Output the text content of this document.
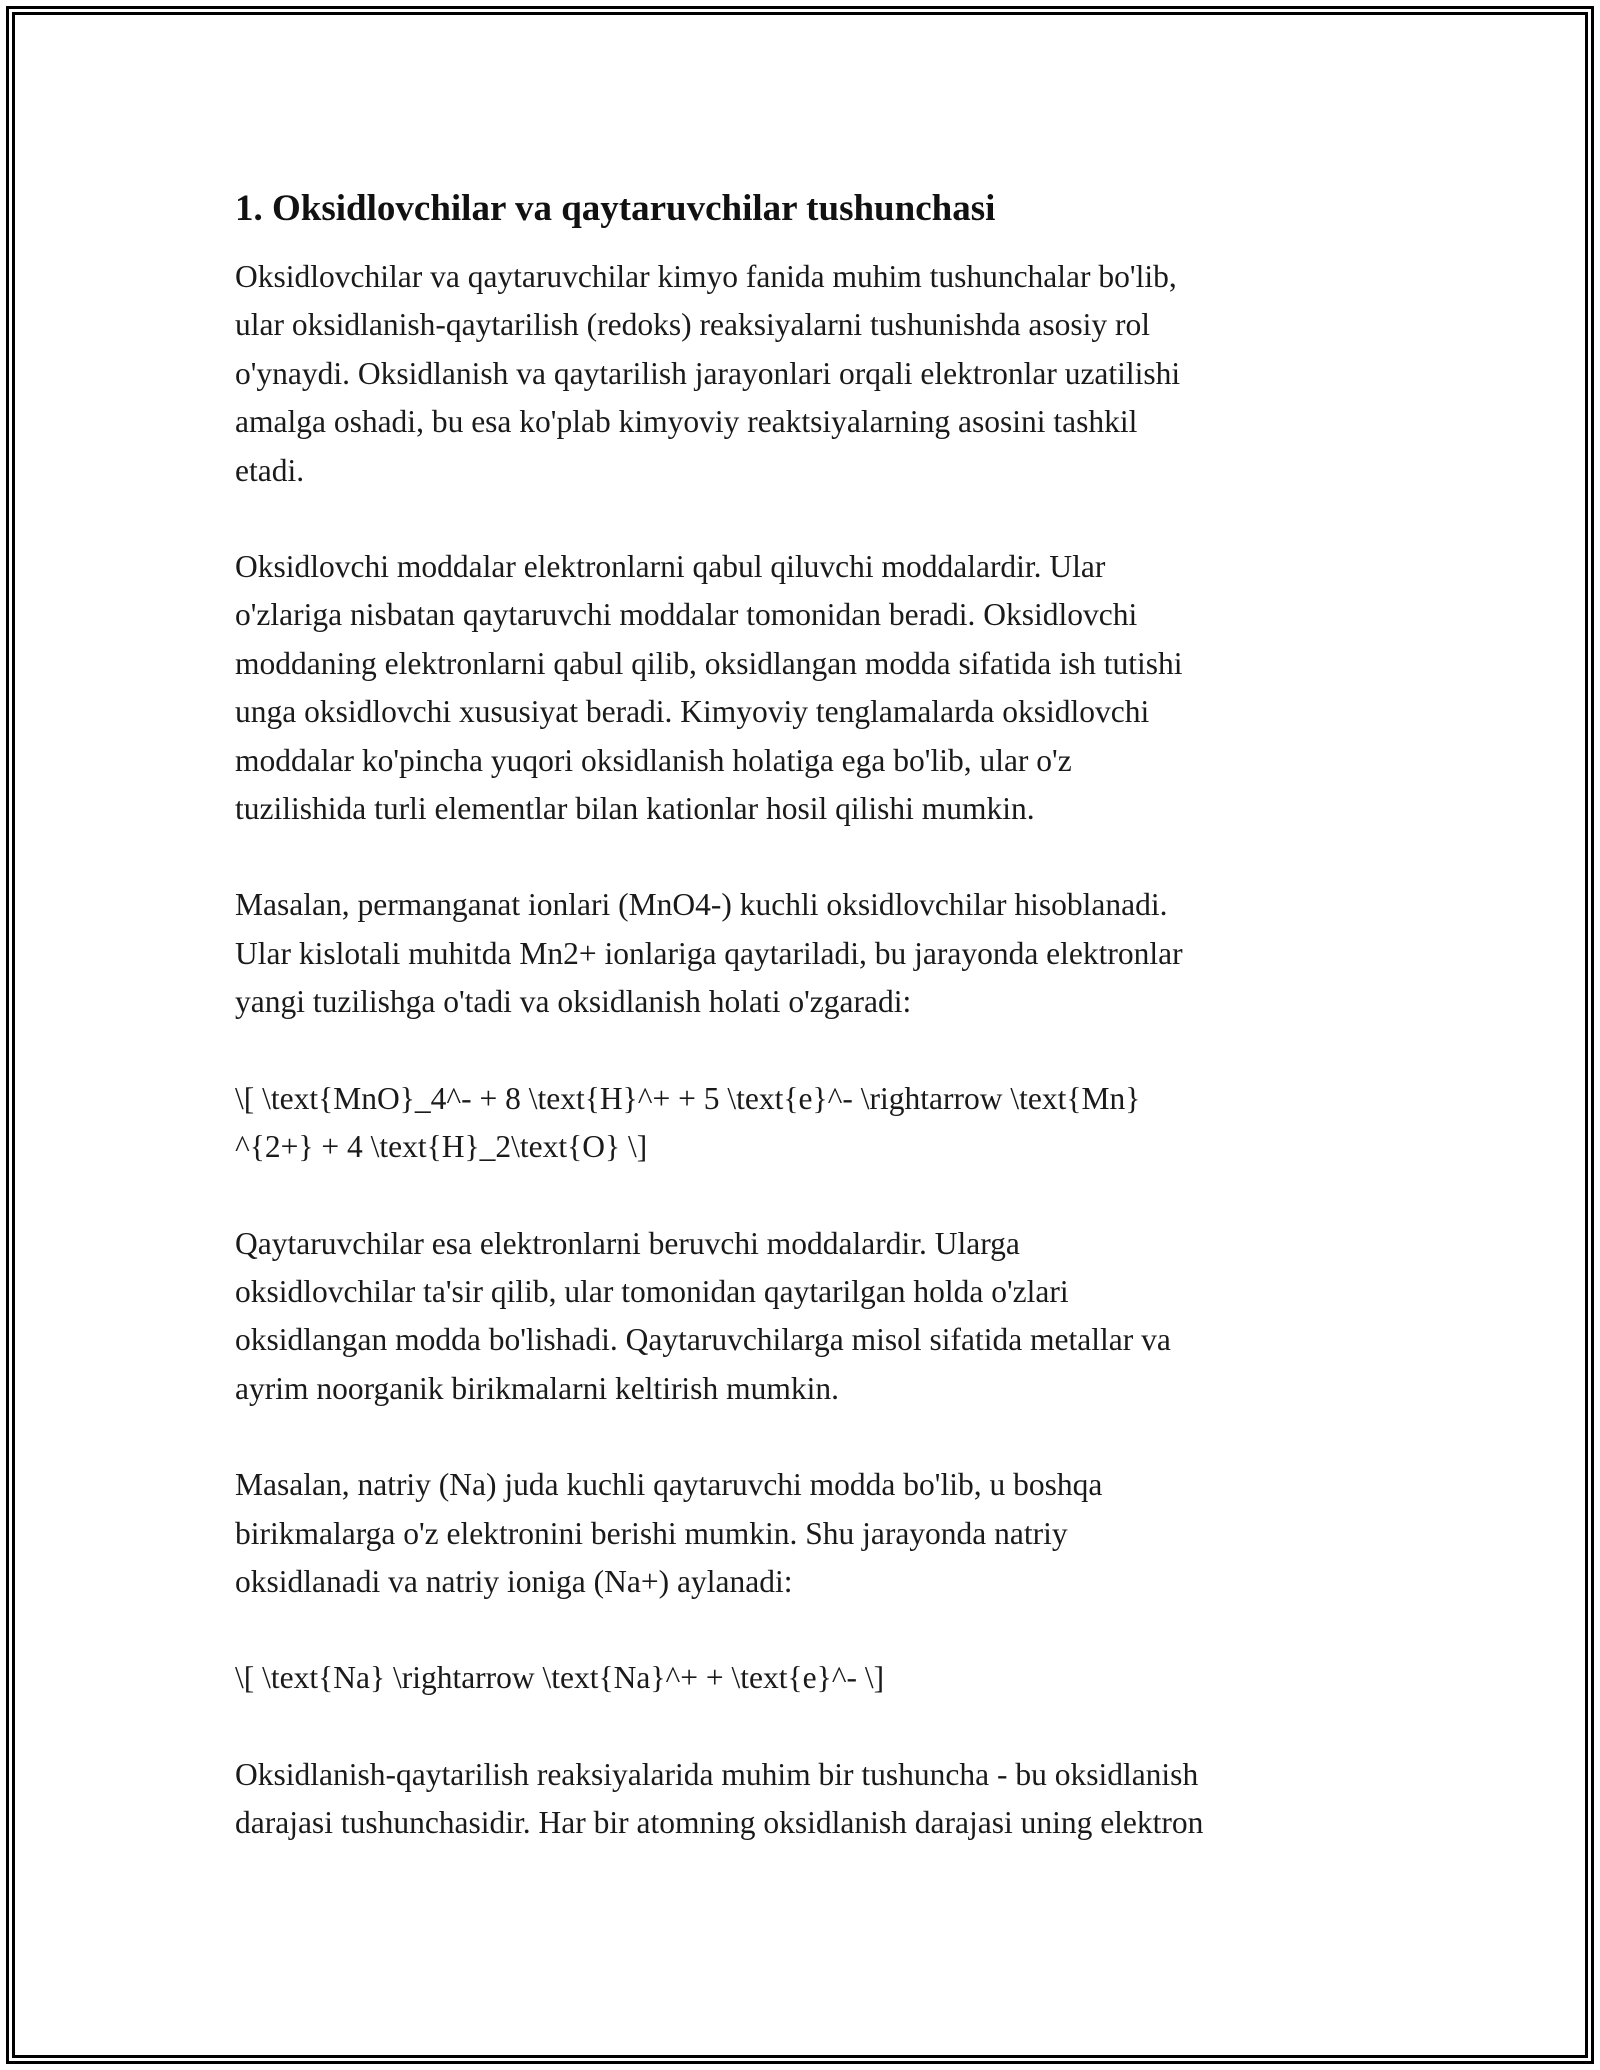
1. Oksidlovchilar va qaytaruvchilar tushunchasi
Oksidlovchilar va qaytaruvchilar kimyo fanida muhim tushunchalar bo'lib,
ular oksidlanish-qaytarilish (redoks) reaksiyalarni tushunishda asosiy rol
o'ynaydi. Oksidlanish va qaytarilish jarayonlari orqali elektronlar uzatilishi
amalga oshadi, bu esa ko'plab kimyoviy reaktsiyalarning asosini tashkil
etadi.
Oksidlovchi moddalar elektronlarni qabul qiluvchi moddalardir. Ular
o'zlariga nisbatan qaytaruvchi moddalar tomonidan beradi. Oksidlovchi
moddaning elektronlarni qabul qilib, oksidlangan modda sifatida ish tutishi
unga oksidlovchi xususiyat beradi. Kimyoviy tenglamalarda oksidlovchi
moddalar ko'pincha yuqori oksidlanish holatiga ega bo'lib, ular o'z
tuzilishida turli elementlar bilan kationlar hosil qilishi mumkin.
Masalan, permanganat ionlari (MnO4-) kuchli oksidlovchilar hisoblanadi.
Ular kislotali muhitda Mn2+ ionlariga qaytariladi, bu jarayonda elektronlar
yangi tuzilishga o'tadi va oksidlanish holati o'zgaradi:
\[ \text{MnO}_4^- + 8 \text{H}^+ + 5 \text{e}^- \rightarrow \text{Mn}
^{2+} + 4 \text{H}_2\text{O} \]
Qaytaruvchilar esa elektronlarni beruvchi moddalardir. Ularga
oksidlovchilar ta'sir qilib, ular tomonidan qaytarilgan holda o'zlari
oksidlangan modda bo'lishadi. Qaytaruvchilarga misol sifatida metallar va
ayrim noorganik birikmalarni keltirish mumkin.
Masalan, natriy (Na) juda kuchli qaytaruvchi modda bo'lib, u boshqa
birikmalarga o'z elektronini berishi mumkin. Shu jarayonda natriy
oksidlanadi va natriy ioniga (Na+) aylanadi:
\[ \text{Na} \rightarrow \text{Na}^+ + \text{e}^- \]
Oksidlanish-qaytarilish reaksiyalarida muhim bir tushuncha - bu oksidlanish
darajasi tushunchasidir. Har bir atomning oksidlanish darajasi uning elektron
